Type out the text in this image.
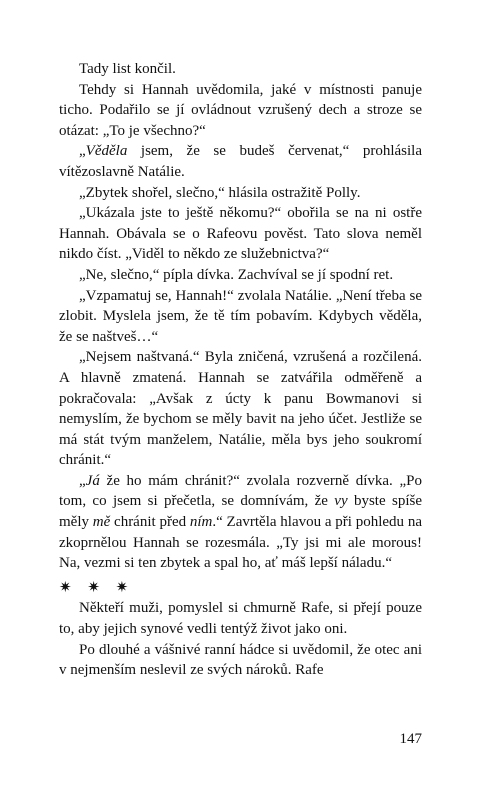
Tady list končil.

Tehdy si Hannah uvědomila, jaké v místnosti panuje ticho. Podařilo se jí ovládnout vzrušený dech a stroze se otázat: „To je všechno?“

„Věděla jsem, že se budeš červenat,“ prohlásila vítězoslavně Natálie.

„Zbytek shořel, slečno,“ hlásila ostražitě Polly.

„Ukázala jste to ještě někomu?“ obořila se na ni ostře Hannah. Obávala se o Rafeovu pověst. Tato slova neměl nikdo číst. „Viděl to někdo ze služebnictva?“

„Ne, slečno,“ pípla dívka. Zachvíval se jí spodní ret.

„Vzpamatuj se, Hannah!“ zvolala Natálie. „Není třeba se zlobit. Myslela jsem, že tě tím pobavím. Kdybych věděla, že se naštveš…“

„Nejsem naštvaná.“ Byla zničená, vzrušená a rozčilená. A hlavně zmatená. Hannah se zatvářila odměřeně a pokračovala: „Avšak z úcty k panu Bowmanovi si nemyslím, že bychom se měly bavit na jeho účet. Jestliže se má stát tvým manželem, Natálie, měla bys jeho soukromí chránit.“

„Já že ho mám chránit?“ zvolala rozverně dívka. „Po tom, co jsem si přečetla, se domnívám, že vy byste spíše měly mě chránit před ním.“ Zavrtěla hlavou a při pohledu na zkoprnělou Hannah se rozesmála. „Ty jsi mi ale morous! Na, vezmi si ten zbytek a spal ho, ať máš lepší náladu.“

✷ ✷ ✷

Někteří muži, pomyslel si chmurně Rafe, si přejí pouze to, aby jejich synové vedli tentýž život jako oni.

Po dlouhé a vášnivé ranní hádce si uvědomil, že otec ani v nejmenším neslevil ze svých nároků. Rafe

147
